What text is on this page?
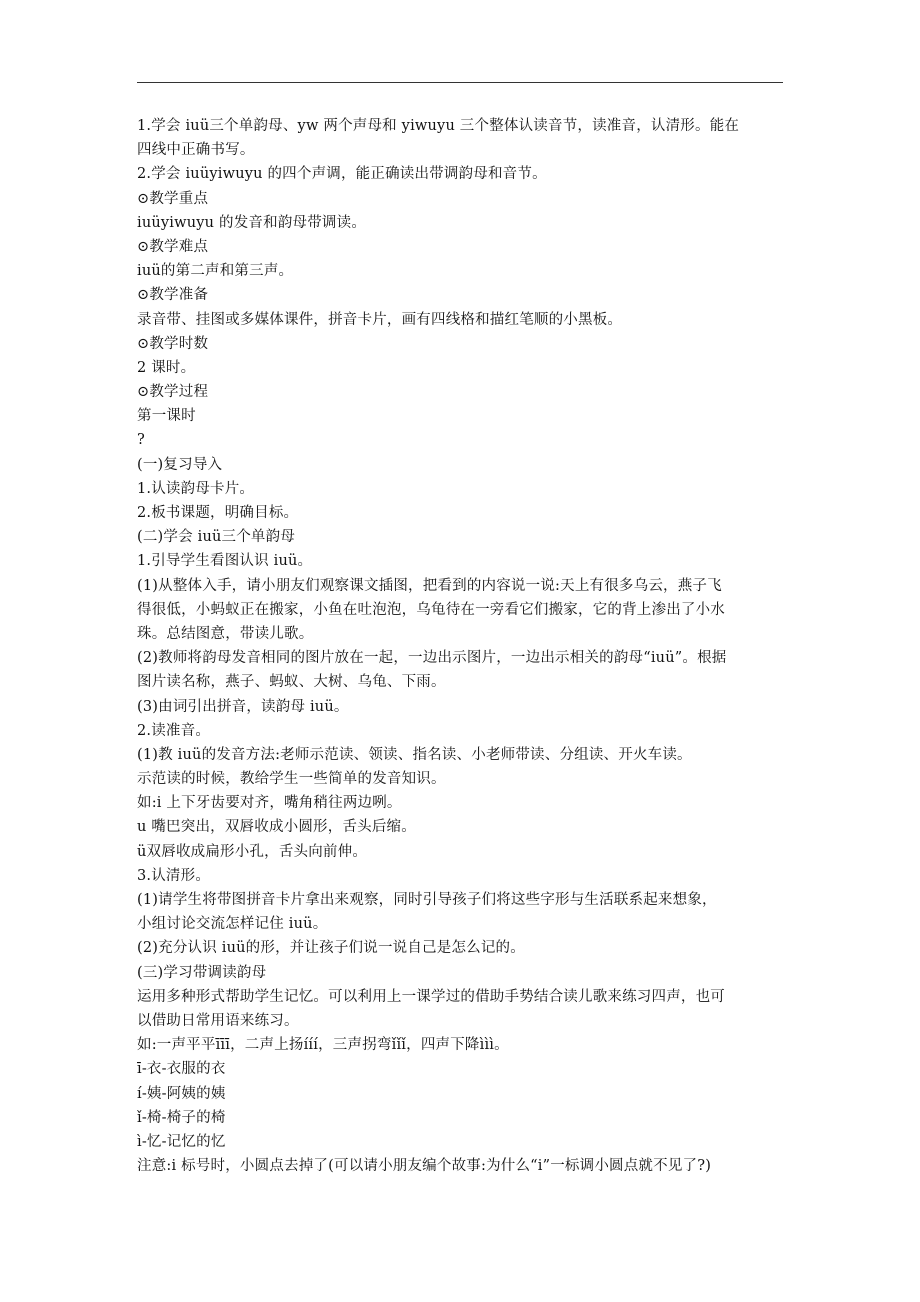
1.学会 iuü三个单韵母、yw 两个声母和 yiwuyu 三个整体认读音节，读准音，认清形。能在
四线中正确书写。
2.学会 iuüyiwuyu 的四个声调，能正确读出带调韵母和音节。
⊙教学重点
iuüyiwuyu 的发音和韵母带调读。
⊙教学难点
iuü的第二声和第三声。
⊙教学准备
录音带、挂图或多媒体课件，拼音卡片，画有四线格和描红笔顺的小黑板。
⊙教学时数
2 课时。
⊙教学过程
第一课时
?
(一)复习导入
1.认读韵母卡片。
2.板书课题，明确目标。
(二)学会 iuü三个单韵母
1.引导学生看图认识 iuü。
(1)从整体入手，请小朋友们观察课文插图，把看到的内容说一说:天上有很多乌云，燕子飞
得很低，小蚂蚁正在搬家，小鱼在吐泡泡，乌龟待在一旁看它们搬家，它的背上渗出了小水
珠。总结图意，带读儿歌。
(2)教师将韵母发音相同的图片放在一起，一边出示图片，一边出示相关的韵母“iuü”。根据
图片读名称，燕子、蚂蚁、大树、乌龟、下雨。
(3)由词引出拼音，读韵母 iuü。
2.读准音。
(1)教 iuü的发音方法:老师示范读、领读、指名读、小老师带读、分组读、开火车读。
示范读的时候，教给学生一些简单的发音知识。
如:i 上下牙齿要对齐，嘴角稍往两边咧。
u 嘴巴突出，双唇收成小圆形，舌头后缩。
ü双唇收成扁形小孔，舌头向前伸。
3.认清形。
(1)请学生将带图拼音卡片拿出来观察，同时引导孩子们将这些字形与生活联系起来想象，
小组讨论交流怎样记住 iuü。
(2)充分认识 iuü的形，并让孩子们说一说自己是怎么记的。
(三)学习带调读韵母
运用多种形式帮助学生记忆。可以利用上一课学过的借助手势结合读儿歌来练习四声，也可
以借助日常用语来练习。
如:一声平平īīī，二声上扬ííí，三声拐弯ǐǐǐ，四声下降ììì。
ī-衣-衣服的衣
í-姨-阿姨的姨
ǐ-椅-椅子的椅
ì-忆-记忆的忆
注意:i 标号时，小圆点去掉了(可以请小朋友编个故事:为什么“i”一标调小圆点就不见了?)
